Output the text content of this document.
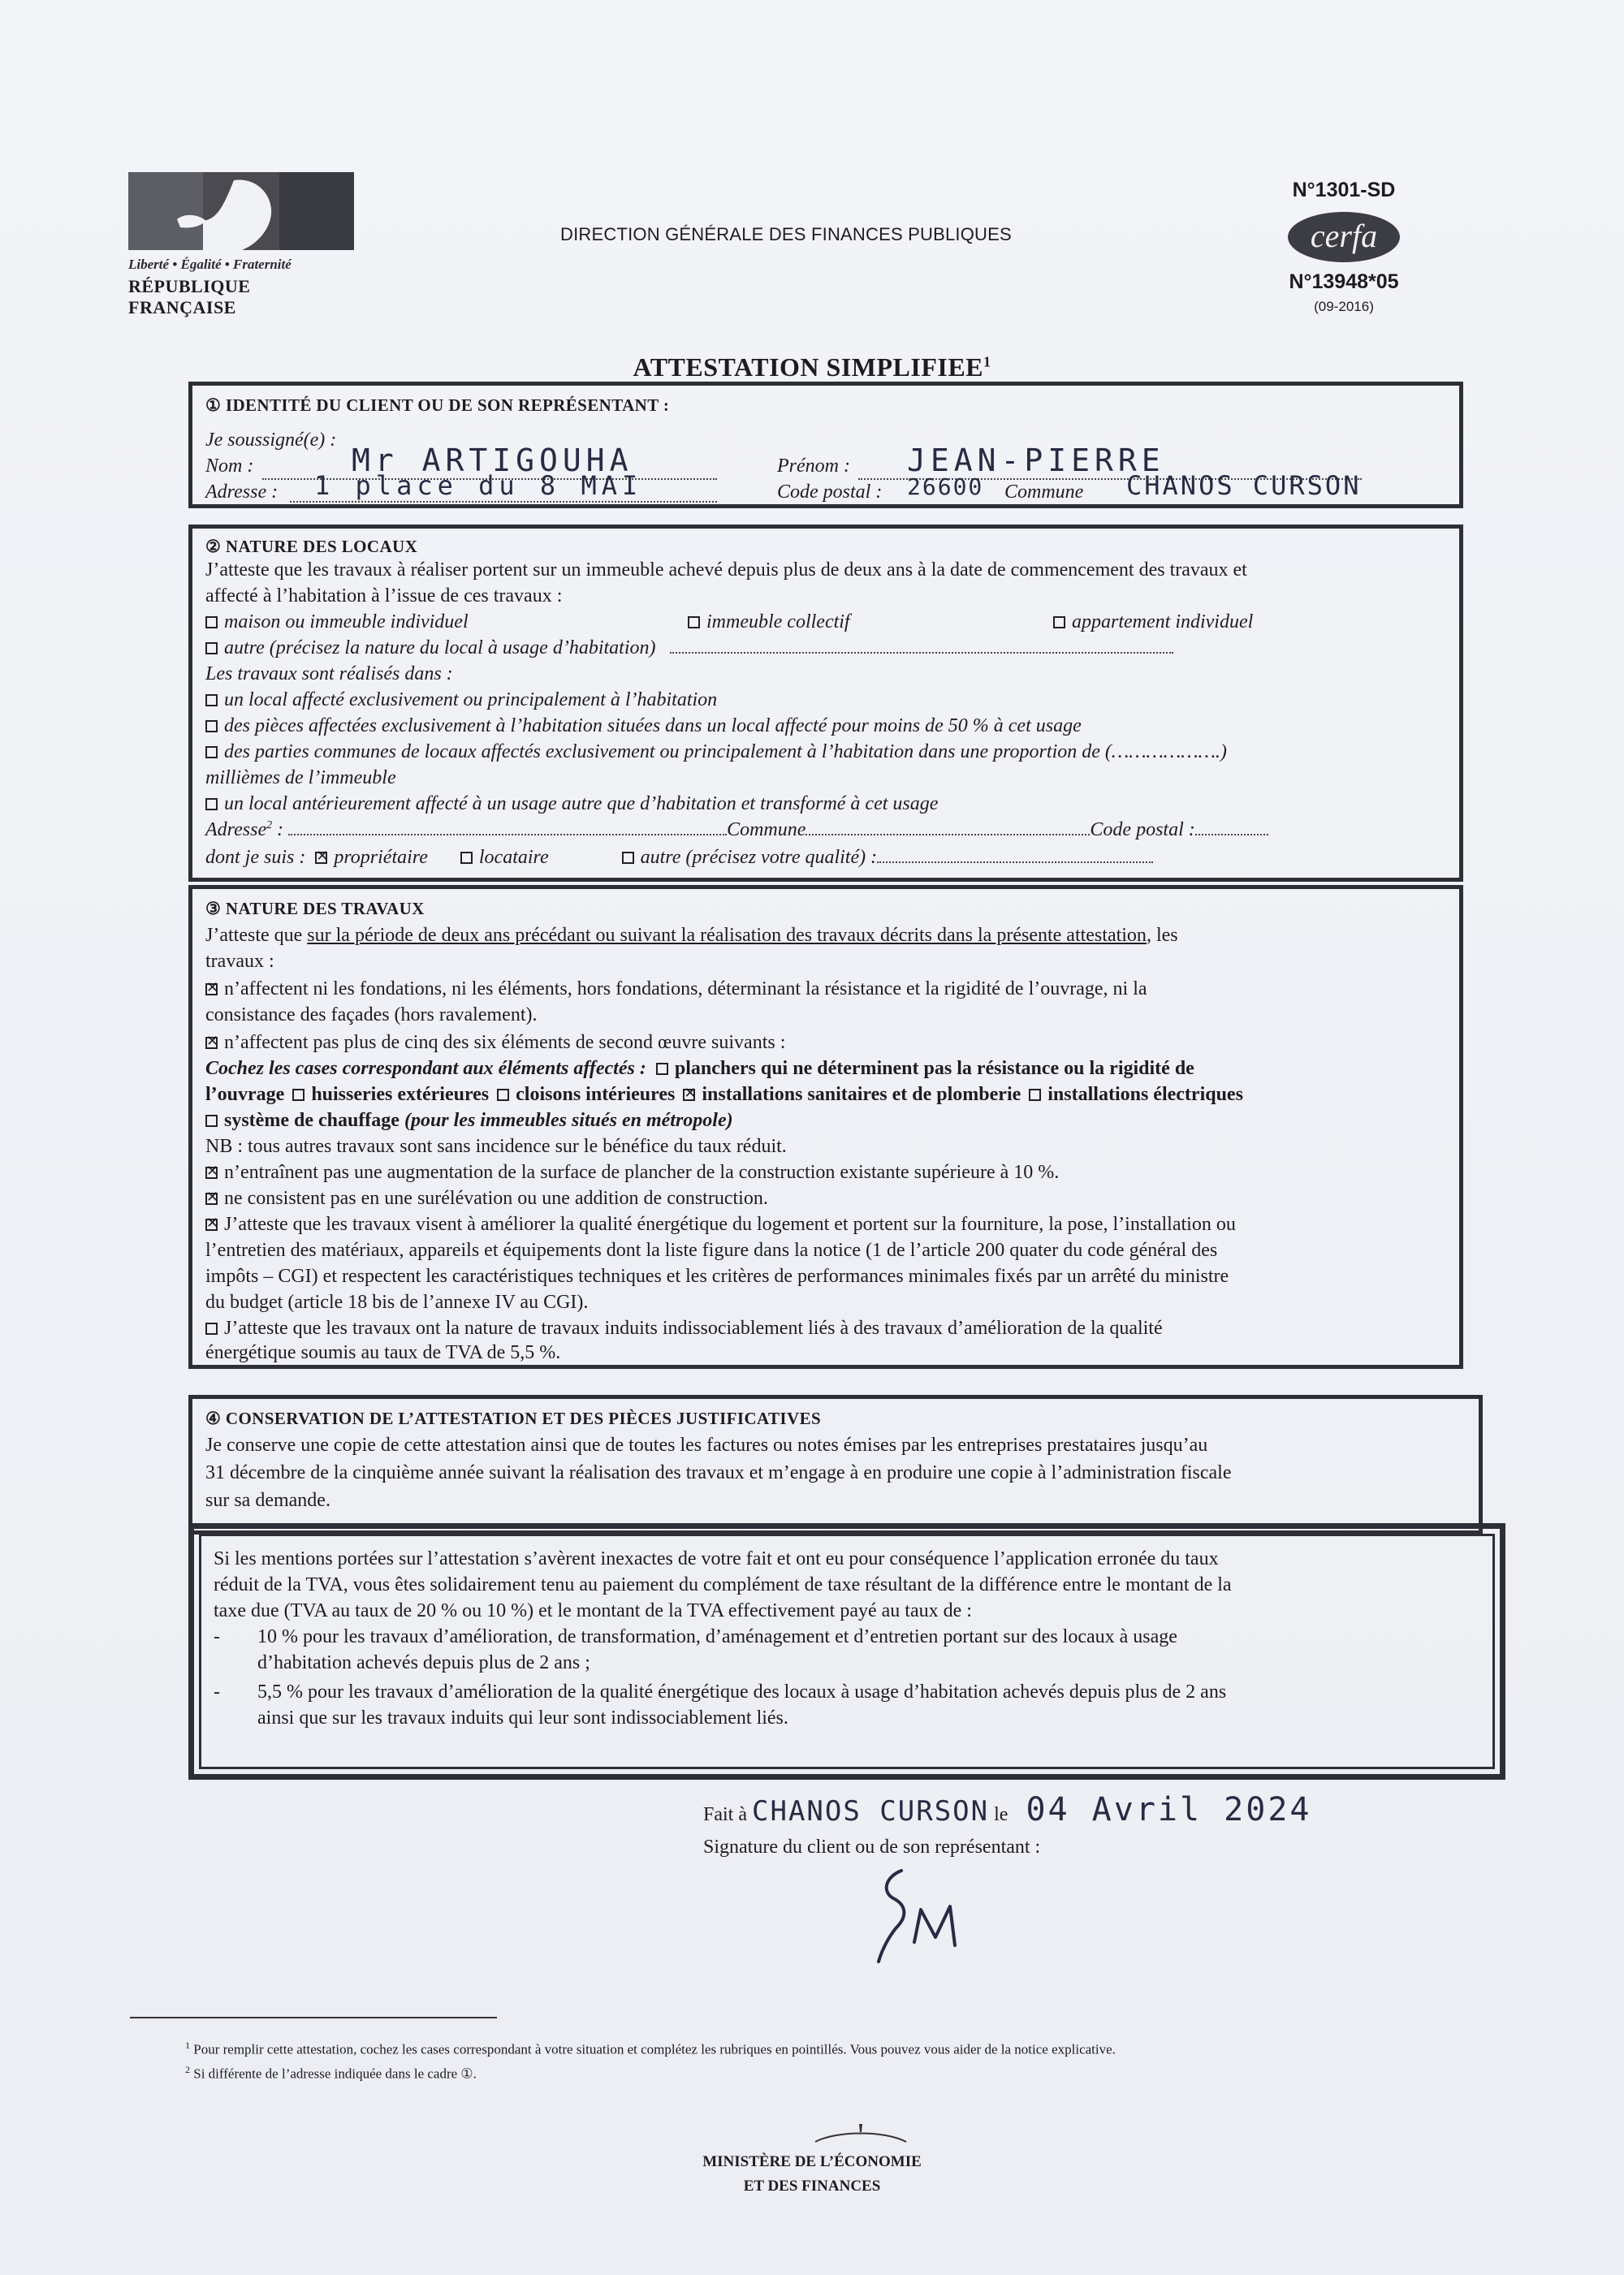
Liberté • Égalité • Fraternité
RÉPUBLIQUE FRANÇAISE
DIRECTION GÉNÉRALE DES FINANCES PUBLIQUES
N°1301-SD
cerfa
N°13948*05
(09-2016)
ATTESTATION SIMPLIFIEE$^1$
① IDENTITÉ DU CLIENT OU DE SON REPRÉSENTANT :
Je soussigné(e) :
Nom :	Mr ARTIGOUHA	Prénom :	JEAN-PIERRE
Adresse :	1 place du 8 MAI	Code postal : 26600 Commune CHANOS CURSON
② NATURE DES LOCAUX
J’atteste que les travaux à réaliser portent sur un immeuble achevé depuis plus de deux ans à la date de commencement des travaux et
affecté à l’habitation à l’issue de ces travaux :
maison ou immeuble individuel	immeuble collectif	appartement individuel
autre (précisez la nature du local à usage d’habitation)
Les travaux sont réalisés dans :
un local affecté exclusivement ou principalement à l’habitation
des pièces affectées exclusivement à l’habitation situées dans un local affecté pour moins de 50 % à cet usage
des parties communes de locaux affectés exclusivement ou principalement à l’habitation dans une proportion de (……………….)
millièmes de l’immeuble
un local antérieurement affecté à un usage autre que d’habitation et transformé à cet usage
Adresse$^2$ :	Commune	Code postal :
dont je suis : ✕ propriétaire	locataire	autre (précisez votre qualité) :
③ NATURE DES TRAVAUX
J’atteste que sur la période de deux ans précédant ou suivant la réalisation des travaux décrits dans la présente attestation, les
travaux :
✕n’affectent ni les fondations, ni les éléments, hors fondations, déterminant la résistance et la rigidité de l’ouvrage, ni la
consistance des façades (hors ravalement).
✕n’affectent pas plus de cinq des six éléments de second œuvre suivants :
Cochez les cases correspondant aux éléments affectés : planchers qui ne déterminent pas la résistance ou la rigidité de
l’ouvrage huisseries extérieures cloisons intérieures ✕ installations sanitaires et de plomberie installations électriques
système de chauffage (pour les immeubles situés en métropole)
NB : tous autres travaux sont sans incidence sur le bénéfice du taux réduit.
✕n’entraînent pas une augmentation de la surface de plancher de la construction existante supérieure à 10 %.
✕ne consistent pas en une surélévation ou une addition de construction.
✕J’atteste que les travaux visent à améliorer la qualité énergétique du logement et portent sur la fourniture, la pose, l’installation ou
l’entretien des matériaux, appareils et équipements dont la liste figure dans la notice (1 de l’article 200 quater du code général des
impôts – CGI) et respectent les caractéristiques techniques et les critères de performances minimales fixés par un arrêté du ministre
du budget (article 18 bis de l’annexe IV au CGI).
J’atteste que les travaux ont la nature de travaux induits indissociablement liés à des travaux d’amélioration de la qualité
énergétique soumis au taux de TVA de 5,5 %.
④ CONSERVATION DE L’ATTESTATION ET DES PIÈCES JUSTIFICATIVES
Je conserve une copie de cette attestation ainsi que de toutes les factures ou notes émises par les entreprises prestataires jusqu’au
31 décembre de la cinquième année suivant la réalisation des travaux et m’engage à en produire une copie à l’administration fiscale
sur sa demande.
Si les mentions portées sur l’attestation s’avèrent inexactes de votre fait et ont eu pour conséquence l’application erronée du taux
réduit de la TVA, vous êtes solidairement tenu au paiement du complément de taxe résultant de la différence entre le montant de la
taxe due (TVA au taux de 20 % ou 10 %) et le montant de la TVA effectivement payé au taux de :
- 10 % pour les travaux d’amélioration, de transformation, d’aménagement et d’entretien portant sur des locaux à usage
d’habitation achevés depuis plus de 2 ans ;
- 5,5 % pour les travaux d’amélioration de la qualité énergétique des locaux à usage d’habitation achevés depuis plus de 2 ans
ainsi que sur les travaux induits qui leur sont indissociablement liés.
Fait à CHANOS CURSON le 04 Avril 2024
Signature du client ou de son représentant :
$^1$ Pour remplir cette attestation, cochez les cases correspondant à votre situation et complétez les rubriques en pointillés. Vous pouvez vous aider de la notice explicative.
$^2$ Si différente de l’adresse indiquée dans le cadre ①.
MINISTÈRE DE L’ÉCONOMIE
ET DES FINANCES
